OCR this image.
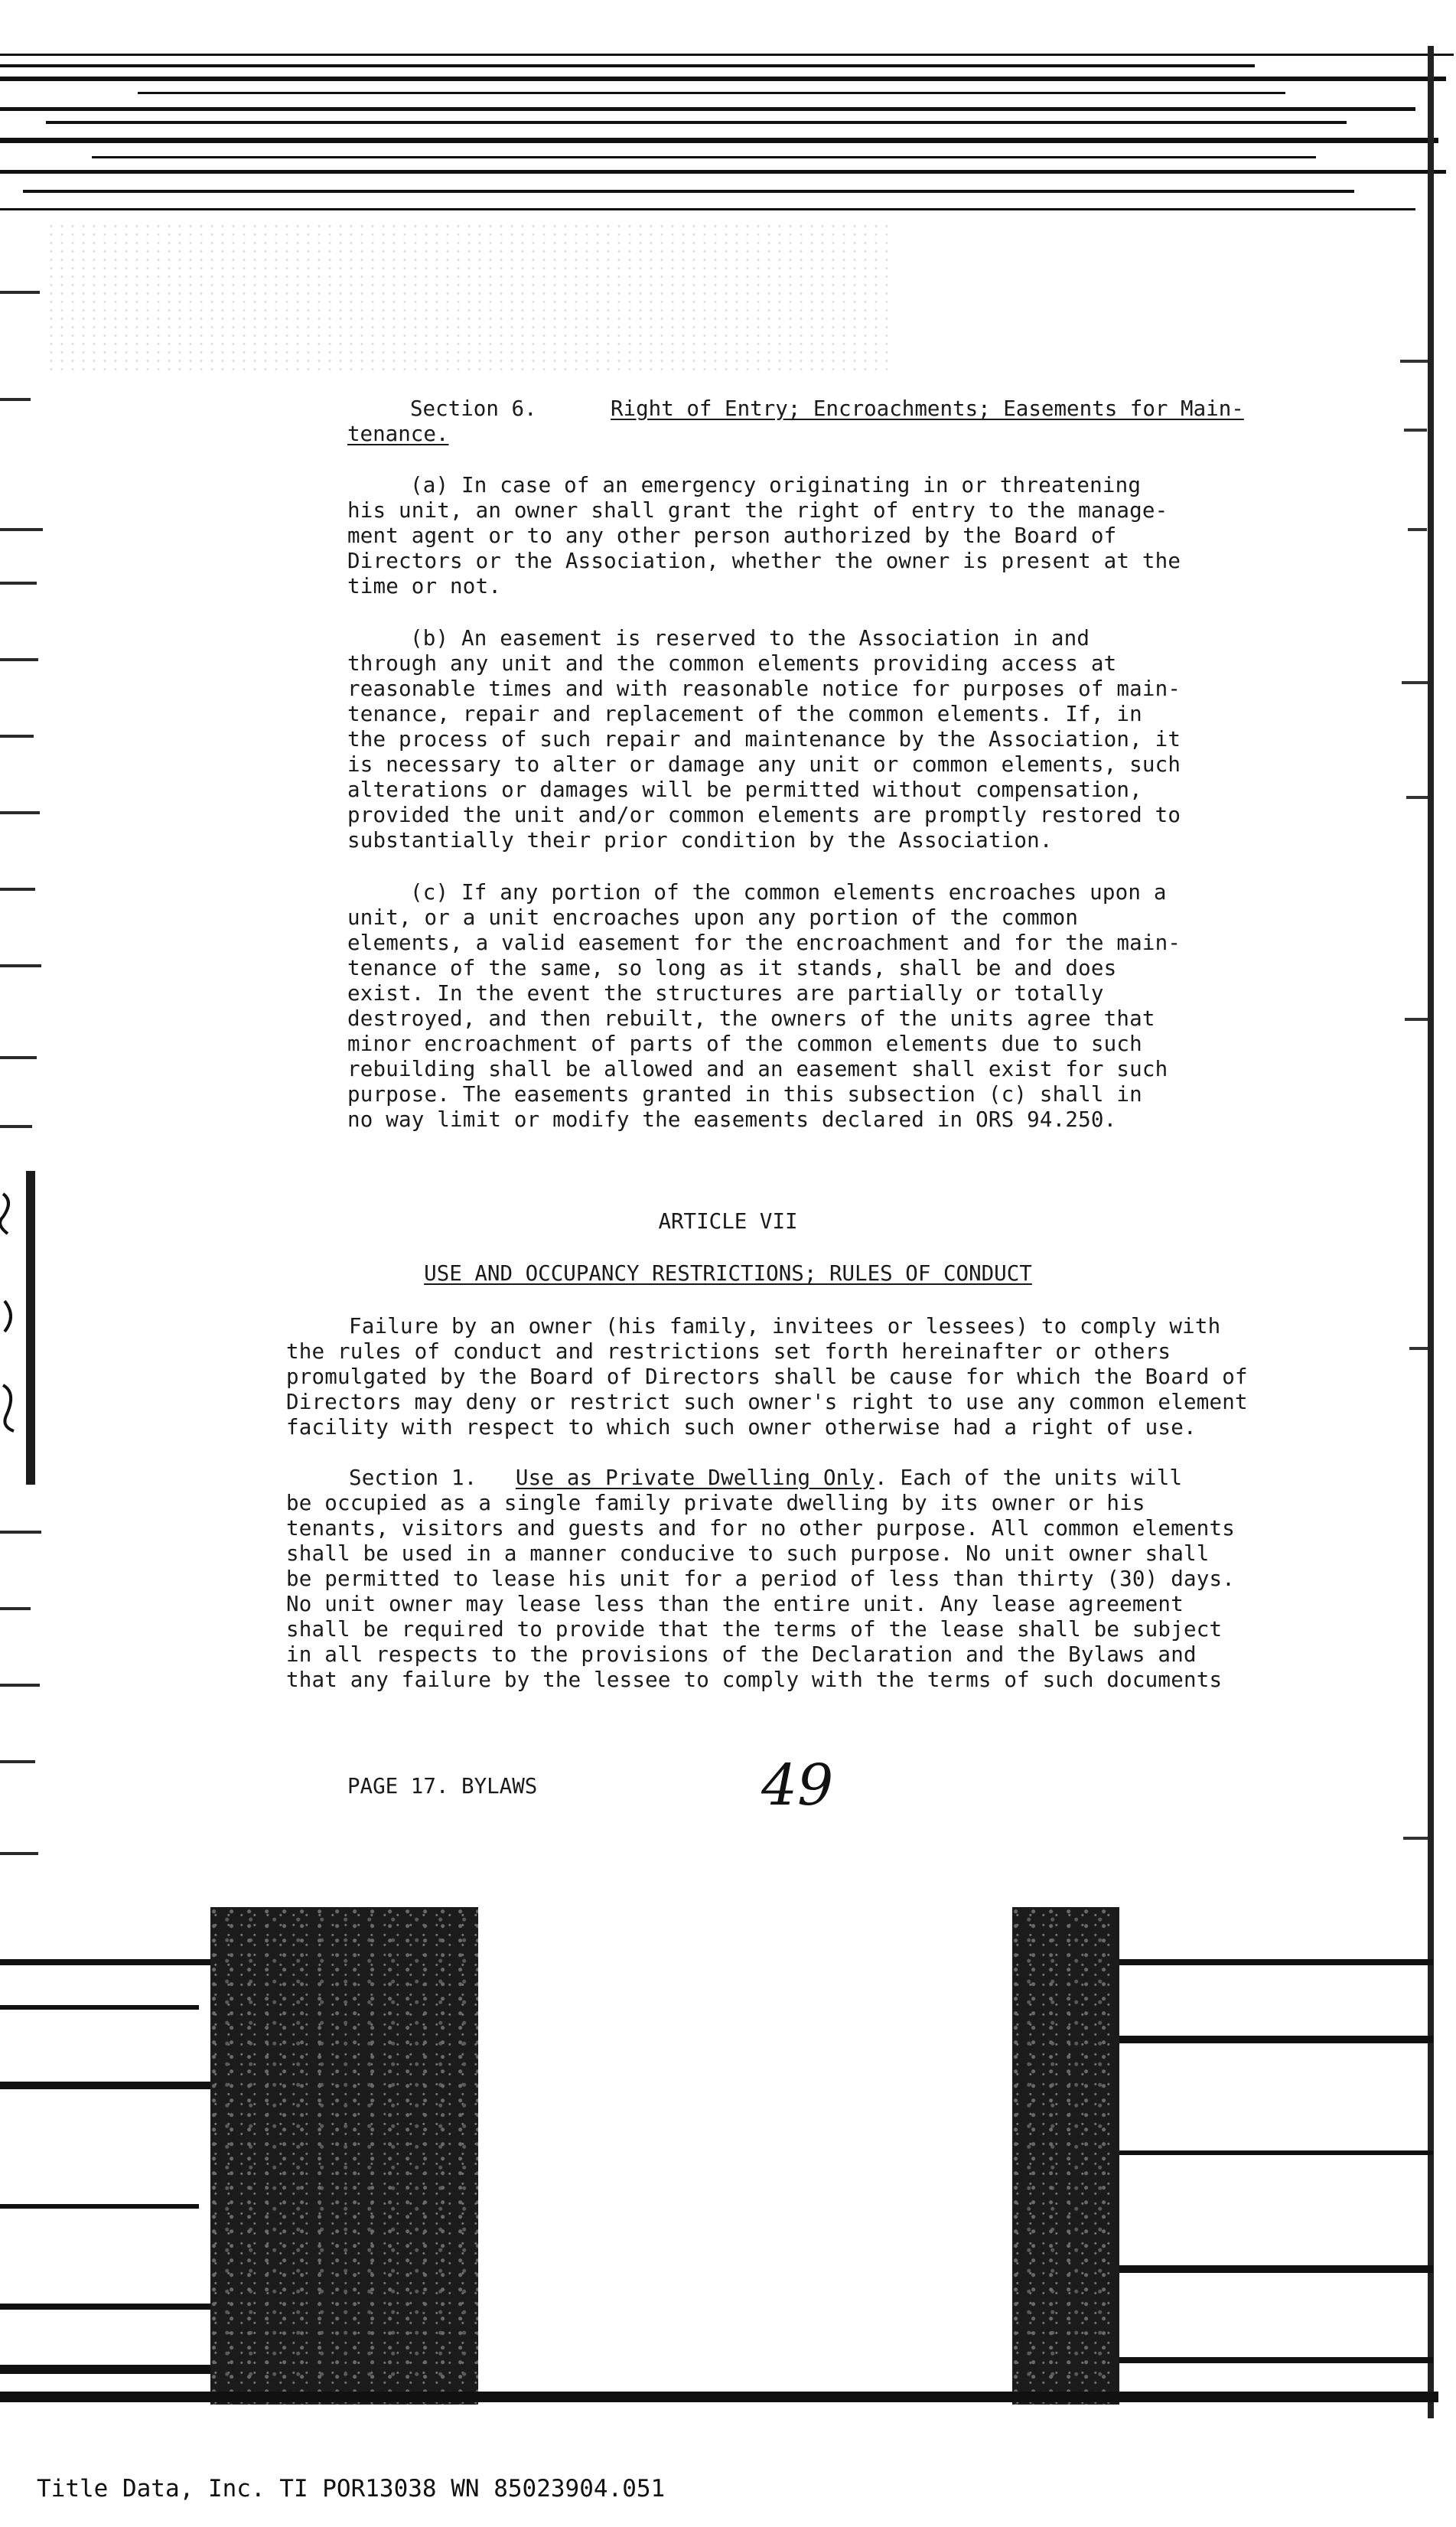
Section 6.	Right of Entry; Encroachments; Easements for Main-
tenance.
(a) In case of an emergency originating in or threatening
his unit, an owner shall grant the right of entry to the manage-
ment agent or to any other person authorized by the Board of
Directors or the Association, whether the owner is present at the
time or not.
(b) An easement is reserved to the Association in and
through any unit and the common elements providing access at
reasonable times and with reasonable notice for purposes of main-
tenance, repair and replacement of the common elements. If, in
the process of such repair and maintenance by the Association, it
is necessary to alter or damage any unit or common elements, such
alterations or damages will be permitted without compensation,
provided the unit and/or common elements are promptly restored to
substantially their prior condition by the Association.
(c) If any portion of the common elements encroaches upon a
unit, or a unit encroaches upon any portion of the common
elements, a valid easement for the encroachment and for the main-
tenance of the same, so long as it stands, shall be and does
exist. In the event the structures are partially or totally
destroyed, and then rebuilt, the owners of the units agree that
minor encroachment of parts of the common elements due to such
rebuilding shall be allowed and an easement shall exist for such
purpose. The easements granted in this subsection (c) shall in
no way limit or modify the easements declared in ORS 94.250.
ARTICLE VII
USE AND OCCUPANCY RESTRICTIONS; RULES OF CONDUCT
Failure by an owner (his family, invitees or lessees) to comply with
the rules of conduct and restrictions set forth hereinafter or others
promulgated by the Board of Directors shall be cause for which the Board of
Directors may deny or restrict such owner's right to use any common element
facility with respect to which such owner otherwise had a right of use.
Section 1. Use as Private Dwelling Only. Each of the units will
be occupied as a single family private dwelling by its owner or his
tenants, visitors and guests and for no other purpose. All common elements
shall be used in a manner conducive to such purpose. No unit owner shall
be permitted to lease his unit for a period of less than thirty (30) days.
No unit owner may lease less than the entire unit. Any lease agreement
shall be required to provide that the terms of the lease shall be subject
in all respects to the provisions of the Declaration and the Bylaws and
that any failure by the lessee to comply with the terms of such documents
PAGE 17. BYLAWS	49
Title Data, Inc. TI POR13038 WN 85023904.051
